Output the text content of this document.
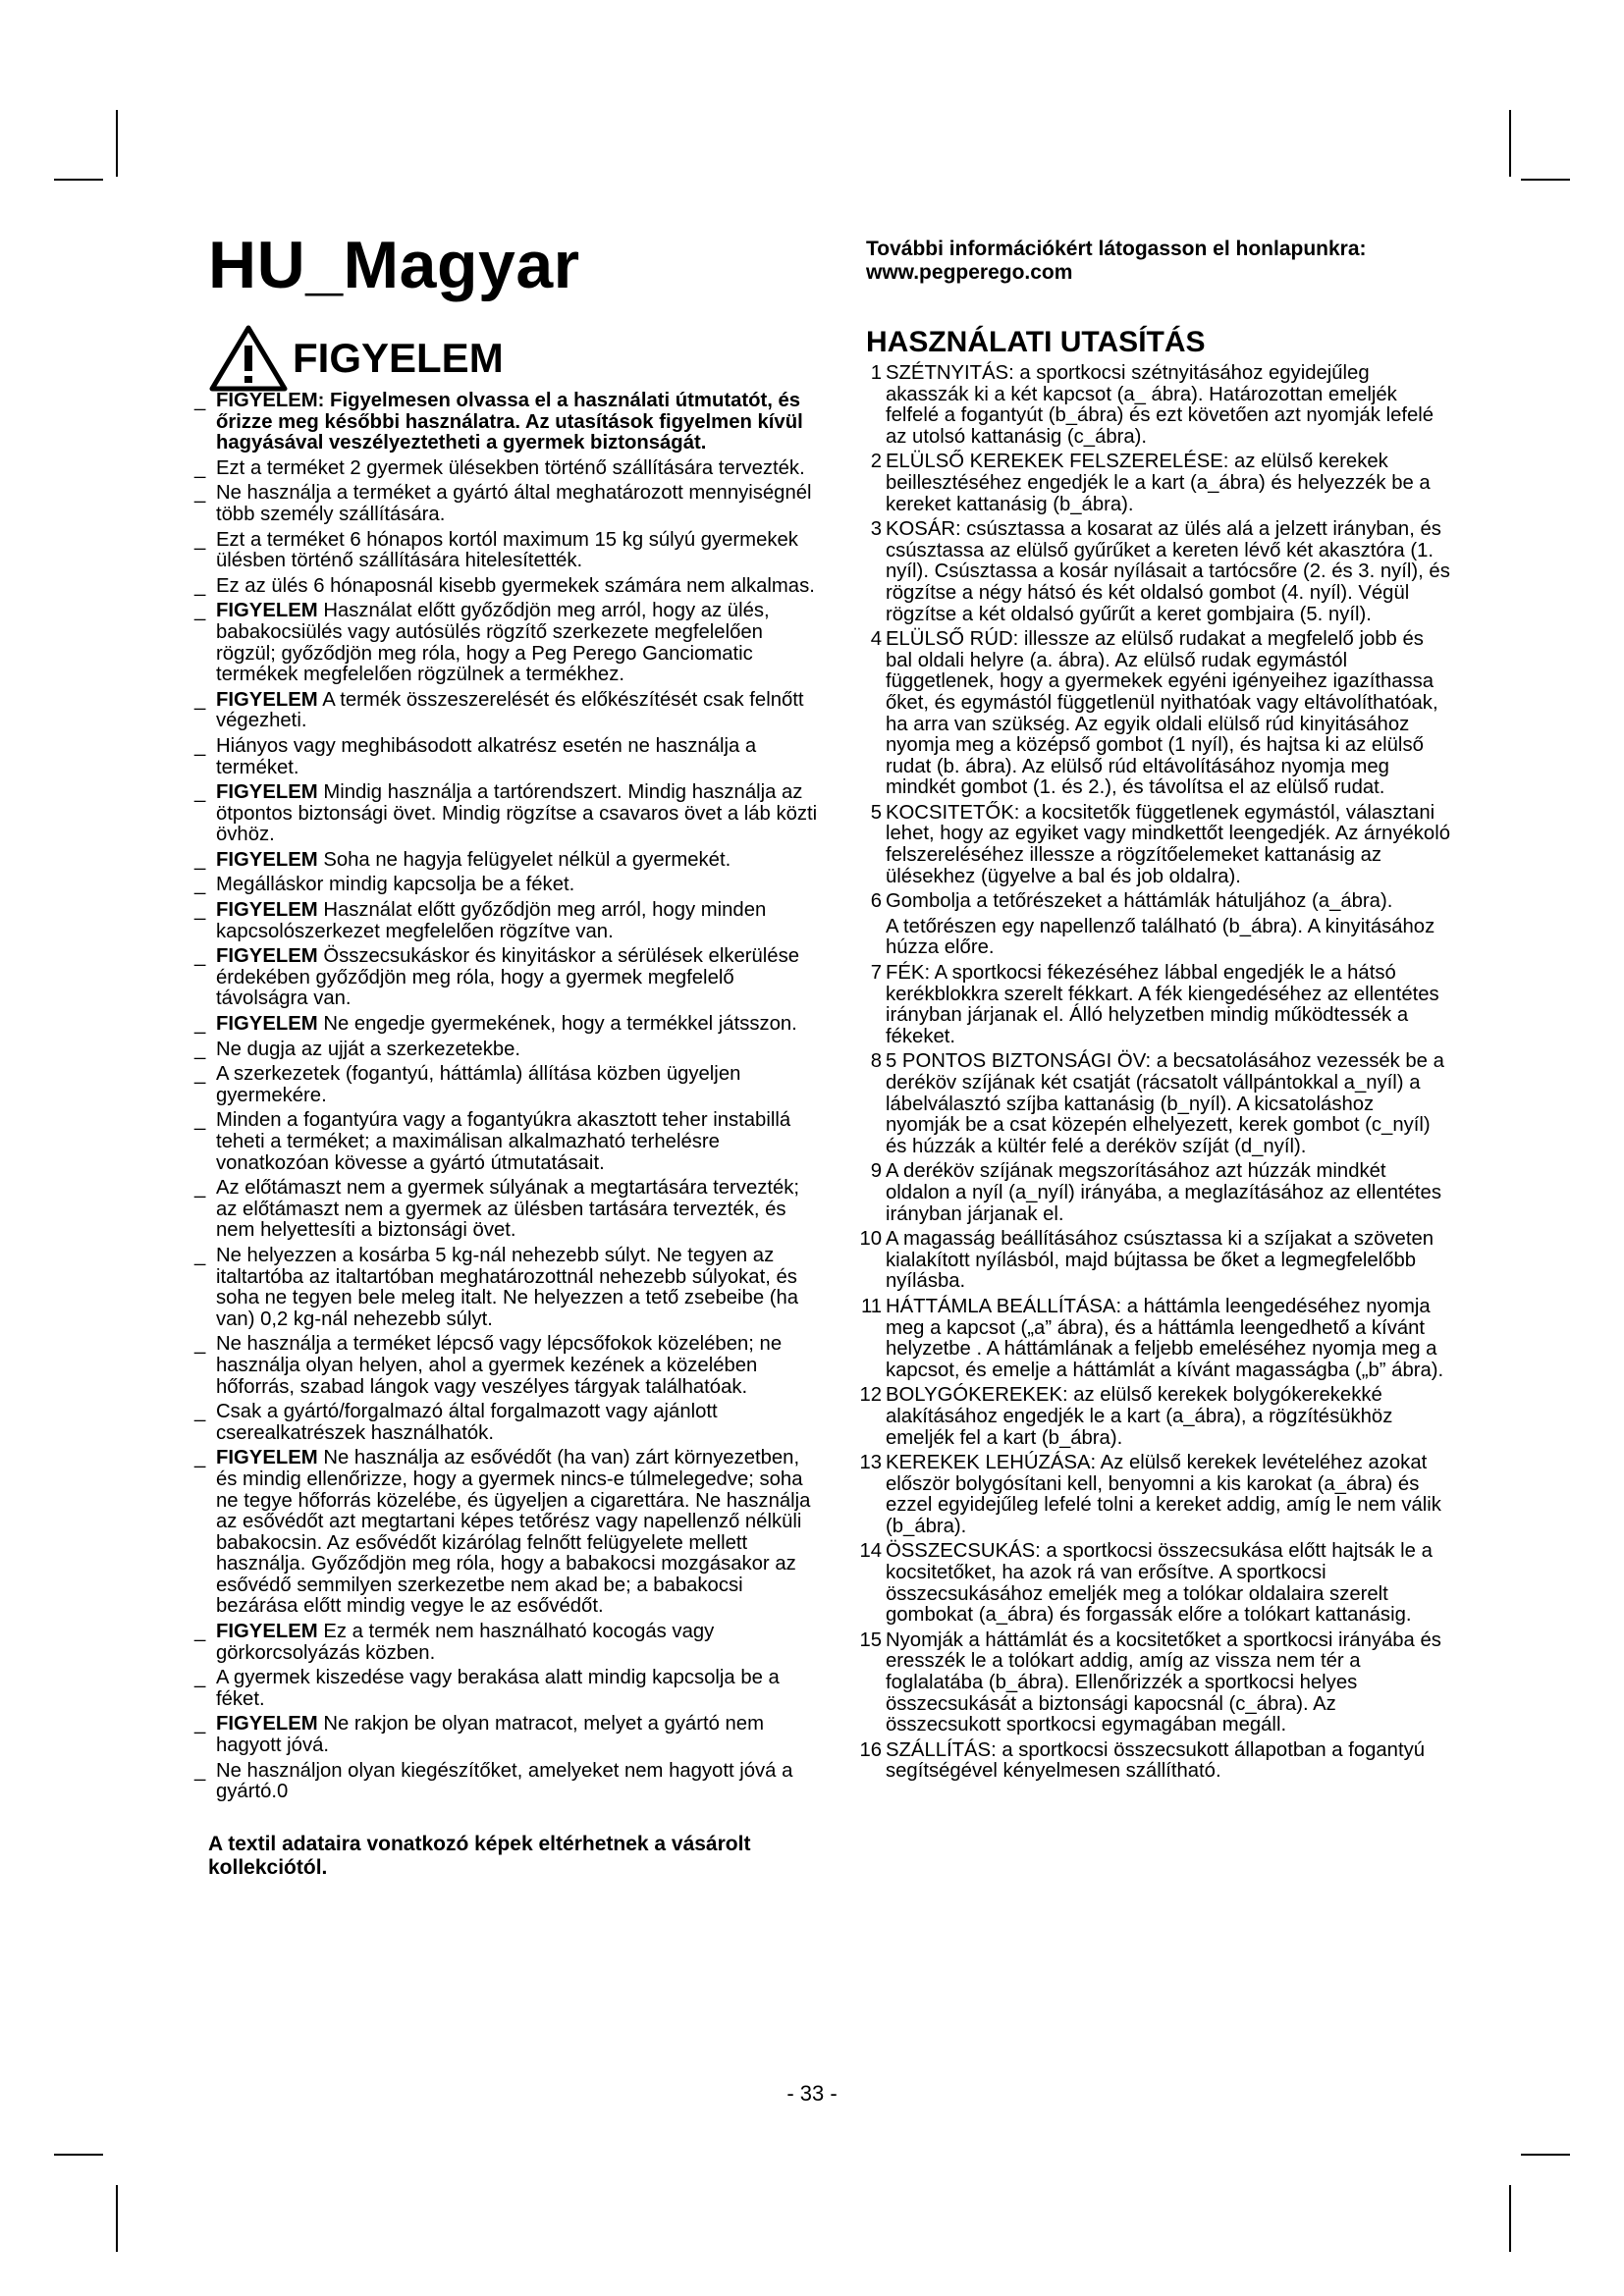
HU_Magyar
FIGYELEM
_ FIGYELEM: Figyelmesen olvassa el a használati útmutatót, és őrizze meg későbbi használatra. Az utasítások figyelmen kívül hagyásával veszélyeztetheti a gyermek biztonságát.
_ Ezt a terméket 2 gyermek ülésekben történő szállítására tervezték.
_ Ne használja a terméket a gyártó által meghatározott mennyiségnél több személy szállítására.
_ Ezt a terméket 6 hónapos kortól maximum 15 kg súlyú gyermekek ülésben történő szállítására hitelesítették.
_ Ez az ülés 6 hónaposnál kisebb gyermekek számára nem alkalmas.
_ FIGYELEM Használat előtt győződjön meg arról, hogy az ülés, babakocsiülés vagy autósülés rögzítő szerkezete megfelelően rögzül; győződjön meg róla, hogy a Peg Perego Ganciomatic termékek megfelelően rögzülnek a termékhez.
_ FIGYELEM A termék összeszerelését és előkészítését csak felnőtt végezheti.
_ Hiányos vagy meghibásodott alkatrész esetén ne használja a terméket.
_ FIGYELEM Mindig használja a tartórendszert. Mindig használja az ötpontos biztonsági övet. Mindig rögzítse a csavaros övet a láb közti övhöz.
_ FIGYELEM Soha ne hagyja felügyelet nélkül a gyermekét.
_ Megálláskor mindig kapcsolja be a féket.
_ FIGYELEM Használat előtt győződjön meg arról, hogy minden kapcsolószerkezet megfelelően rögzítve van.
_ FIGYELEM Összecsukáskor és kinyitáskor a sérülések elkerülése érdekében győződjön meg róla, hogy a gyermek megfelelő távolságra van.
_ FIGYELEM Ne engedje gyermekének, hogy a termékkel játsszon.
_ Ne dugja az ujját a szerkezetekbe.
_ A szerkezetek (fogantyú, háttámla) állítása közben ügyeljen gyermekére.
_ Minden a fogantyúra vagy a fogantyúkra akasztott teher instabillá teheti a terméket; a maximálisan alkalmazható terhelésre vonatkozóan kövesse a gyártó útmutatásait.
_ Az előtámaszt nem a gyermek súlyának a megtartására tervezték; az előtámaszt nem a gyermek az ülésben tartására tervezték, és nem helyettesíti a biztonsági övet.
_ Ne helyezzen a kosárba 5 kg-nál nehezebb súlyt. Ne tegyen az italtartóba az italtartóban meghatározottnál nehezebb súlyokat, és soha ne tegyen bele meleg italt. Ne helyezzen a tető zsebeibe (ha van) 0,2 kg-nál nehezebb súlyt.
_ Ne használja a terméket lépcső vagy lépcsőfokok közelében; ne használja olyan helyen, ahol a gyermek kezének a közelében hőforrás, szabad lángok vagy veszélyes tárgyak találhatóak.
_ Csak a gyártó/forgalmazó által forgalmazott vagy ajánlott cserealkatrészek használhatók.
_ FIGYELEM Ne használja az esővédőt (ha van) zárt környezetben, és mindig ellenőrizze, hogy a gyermek nincs-e túlmelegedve; soha ne tegye hőforrás közelébe, és ügyeljen a cigarettára. Ne használja az esővédőt azt megtartani képes tetőrész vagy napellenző nélküli babakocsin. Az esővédőt kizárólag felnőtt felügyelete mellett használja. Győződjön meg róla, hogy a babakocsi mozgásakor az esővédő semmilyen szerkezetbe nem akad be; a babakocsi bezárása előtt mindig vegye le az esővédőt.
_ FIGYELEM Ez a termék nem használható kocogás vagy görkorcsolyázás közben.
_ A gyermek kiszedése vagy berakása alatt mindig kapcsolja be a féket.
_ FIGYELEM Ne rakjon be olyan matracot, melyet a gyártó nem hagyott jóvá.
_ Ne használjon olyan kiegészítőket, amelyeket nem hagyott jóvá a gyártó.0
A textil adataira vonatkozó képek eltérhetnek a vásárolt kollekciótól.
További információkért látogasson el honlapunkra: www.pegperego.com
HASZNÁLATI UTASÍTÁS
1 SZÉTNYITÁS: a sportkocsi szétnyitásához egyidejűleg akasszák ki a két kapcsot (a_ ábra). Határozottan emeljék felfelé a fogantyút (b_ábra) és ezt követően azt nyomják lefelé az utolsó kattanásig (c_ábra).
2 ELÜLSŐ KEREKEK FELSZERELÉSE: az elülső kerekek beillesztéséhez engedjék le a kart (a_ábra) és helyezzék be a kereket kattanásig (b_ábra).
3 KOSÁR: csúsztassa a kosarat az ülés alá a jelzett irányban, és csúsztassa az elülső gyűrűket a kereten lévő két akasztóra (1. nyíl). Csúsztassa a kosár nyílásait a tartócsőre (2. és 3. nyíl), és rögzítse a négy hátsó és két oldalsó gombot (4. nyíl). Végül rögzítse a két oldalsó gyűrűt a keret gombjaira (5. nyíl).
4 ELÜLSŐ RÚD: illessze az elülső rudakat a megfelelő jobb és bal oldali helyre (a. ábra). Az elülső rudak egymástól függetlenek, hogy a gyermekek egyéni igényeihez igazíthassa őket, és egymástól függetlenül nyithatóak vagy eltávolíthatóak, ha arra van szükség. Az egyik oldali elülső rúd kinyitásához nyomja meg a középső gombot (1 nyíl), és hajtsa ki az elülső rudat (b. ábra). Az elülső rúd eltávolításához nyomja meg mindkét gombot (1. és 2.), és távolítsa el az elülső rudat.
5 KOCSITETŐK: a kocsitetők függetlenek egymástól, választani lehet, hogy az egyiket vagy mindkettőt leengedjék. Az árnyékoló felszereléséhez illessze a rögzítőelemeket kattanásig az ülésekhez (ügyelve a bal és job oldalra).
6 Gombolja a tetőrészeket a háttámlák hátuljához (a_ábra).
A tetőrészen egy napellenző található (b_ábra). A kinyitásához húzza előre.
7 FÉK: A sportkocsi fékezéséhez lábbal engedjék le a hátsó kerékblokkra szerelt fékkart. A fék kiengedéséhez az ellentétes irányban járjanak el. Álló helyzetben mindig működtessék a fékeket.
8 5 PONTOS BIZTONSÁGI ÖV: a becsatolásához vezessék be a deréköv szíjának két csatját (rácsatolt vállpántokkal a_nyíl) a lábelválasztó szíjba kattanásig (b_nyíl). A kicsatoláshoz nyomják be a csat közepén elhelyezett, kerek gombot (c_nyíl) és húzzák a kültér felé a deréköv szíját (d_nyíl).
9 A deréköv szíjának megszorításához azt húzzák mindkét oldalon a nyíl (a_nyíl) irányába, a meglazításához az ellentétes irányban járjanak el.
10 A magasság beállításához csúsztassa ki a szíjakat a szöveten kialakított nyílásból, majd bújtassa be őket a legmegfelelőbb nyílásba.
11 HÁTTÁMLA BEÁLLÍTÁSA: a háttámla leengedéséhez nyomja meg a kapcsot („a” ábra), és a háttámla leengedhető a kívánt helyzetbe . A háttámlának a feljebb emeléséhez nyomja meg a kapcsot, és emelje a háttámlát a kívánt magasságba („b” ábra).
12 BOLYGÓKEREKEK: az elülső kerekek bolygókerekekké alakításához engedjék le a kart (a_ábra), a rögzítésükhöz emeljék fel a kart (b_ábra).
13 KEREKEK LEHÚZÁSA: Az elülső kerekek levételéhez azokat először bolygósítani kell, benyomni a kis karokat (a_ábra) és ezzel egyidejűleg lefelé tolni a kereket addig, amíg le nem válik (b_ábra).
14 ÖSSZECSUKÁS: a sportkocsi összecsukása előtt hajtsák le a kocsitetőket, ha azok rá van erősítve. A sportkocsi összecsukásához emeljék meg a tolókar oldalaira szerelt gombokat (a_ábra) és forgassák előre a tolókart kattanásig.
15 Nyomják a háttámlát és a kocsitetőket a sportkocsi irányába és eresszék le a tolókart addig, amíg az vissza nem tér a foglalatába (b_ábra). Ellenőrizzék a sportkocsi helyes összecsukását a biztonsági kapocsnál (c_ábra). Az összecsukott sportkocsi egymagában megáll.
16 SZÁLLÍTÁS: a sportkocsi összecsukott állapotban a fogantyú segítségével kényelmesen szállítható.
- 33 -
